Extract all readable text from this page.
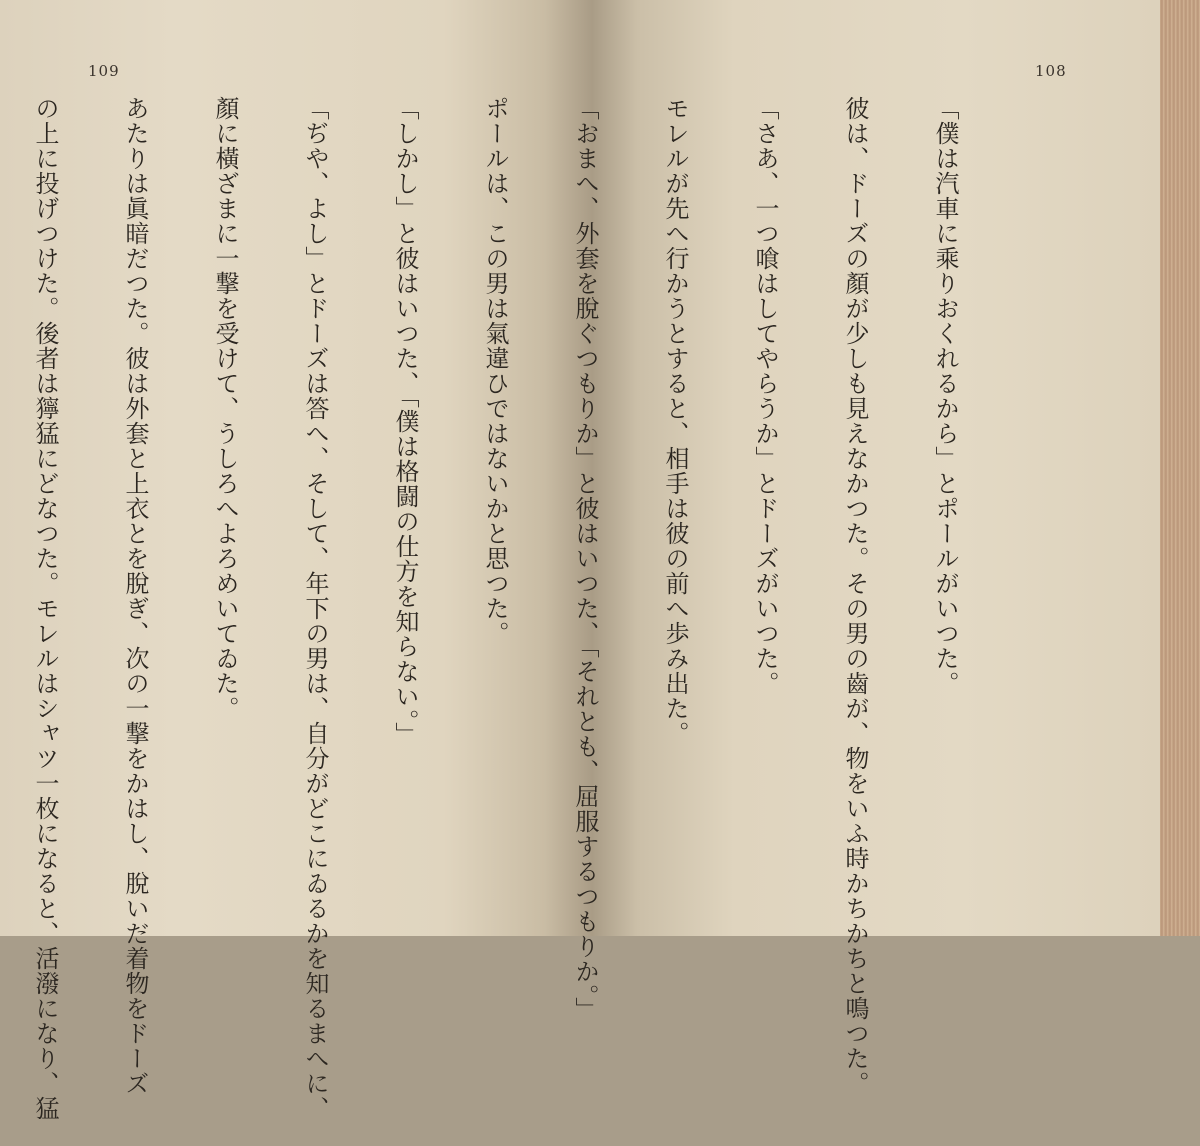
109

「僕は汽車に乘りおくれるから」とポールがいつた。

彼は、ドーズの顏が少しも見えなかつた。その男の齒が、物をいふ時かちかちと鳴つた。

「さあ、一つ喰はしてやらうか」とドーズがいつた。

モレルが先へ行かうとすると、相手は彼の前へ歩み出た。

「おまへ、外套を脫ぐつもりか」と彼はいつた、「それとも、屈服するつもりか。」

ポールは、この男は氣違ひではないかと思つた。

「しかし」と彼はいつた、「僕は格闘の仕方を知らない。」

「ぢや、よし」とドーズは答へ、そして、年下の男は、自分がどこにゐるかを知るまへに、

顏に橫ざまに一撃を受けて、うしろへよろめいてゐた。

あたりは眞暗だつた。彼は外套と上衣とを脫ぎ、次の一撃をかはし、脫いだ着物をドーズ

の上に投げつけた。後者は獰猛にどなつた。モレルはシャツ一枚になると、活潑になり、猛

108
